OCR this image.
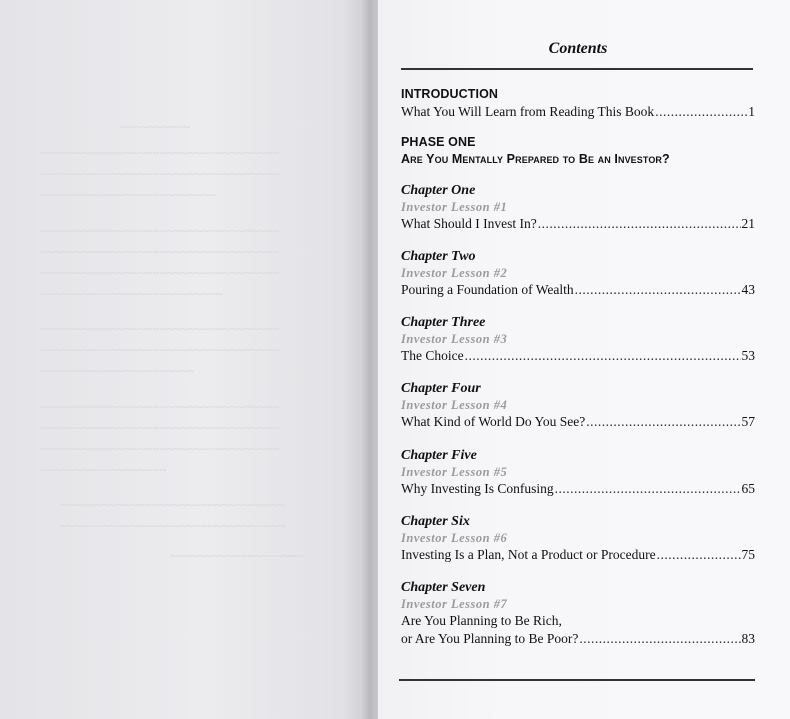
~~~~~~~~~~
~~~~~~~~~~~~~~~~~~~~~~~~~~~~~~~~~~
~~~~~~~~~~~~~~~~~~~~~~~~~~~~~~~~~~
~~~~~~~~~~~~~~~~~~~~~~~~~
~~~~~~~~~~~~~~~~~~~~~~~~~~~~~~~~~~
~~~~~~~~~~~~~~~~~~~~~~~~~~~~~~~~~~
~~~~~~~~~~~~~~~~~~~~~~~~~~~~~~~~~~
~~~~~~~~~~~~~~~~~~~~~~~~~~
~~~~~~~~~~~~~~~~~~~~~~~~~~~~~~~~~~
~~~~~~~~~~~~~~~~~~~~~~~~~~~~~~~~~~
~~~~~~~~~~~~~~~~~~~~~~
~~~~~~~~~~~~~~~~~~~~~~~~~~~~~~~~~~
~~~~~~~~~~~~~~~~~~~~~~~~~~~~~~~~~~
~~~~~~~~~~~~~~~~~~~~~~~~~~~~~~~~~~
~~~~~~~~~~~~~~~~~~
~~~~~~~~~~~~~~~~~~~~~~~~~~~~~~~~
~~~~~~~~~~~~~~~~~~~~~~~~~~~~~~~~
~~~~~~~~~~~~~~~~~~~
Contents
INTRODUCTION
What You Will Learn from Reading This Book .....	1
PHASE ONE
Are You Mentally Prepared to Be an Investor?
Chapter One
Investor Lesson #1
What Should I Invest In? .....	21
Chapter Two
Investor Lesson #2
Pouring a Foundation of Wealth .....	43
Chapter Three
Investor Lesson #3
The Choice .....	53
Chapter Four
Investor Lesson #4
What Kind of World Do You See? .....	57
Chapter Five
Investor Lesson #5
Why Investing Is Confusing .....	65
Chapter Six
Investor Lesson #6
Investing Is a Plan, Not a Product or Procedure .....	75
Chapter Seven
Investor Lesson #7
Are You Planning to Be Rich,
or Are You Planning to Be Poor? .....	83
